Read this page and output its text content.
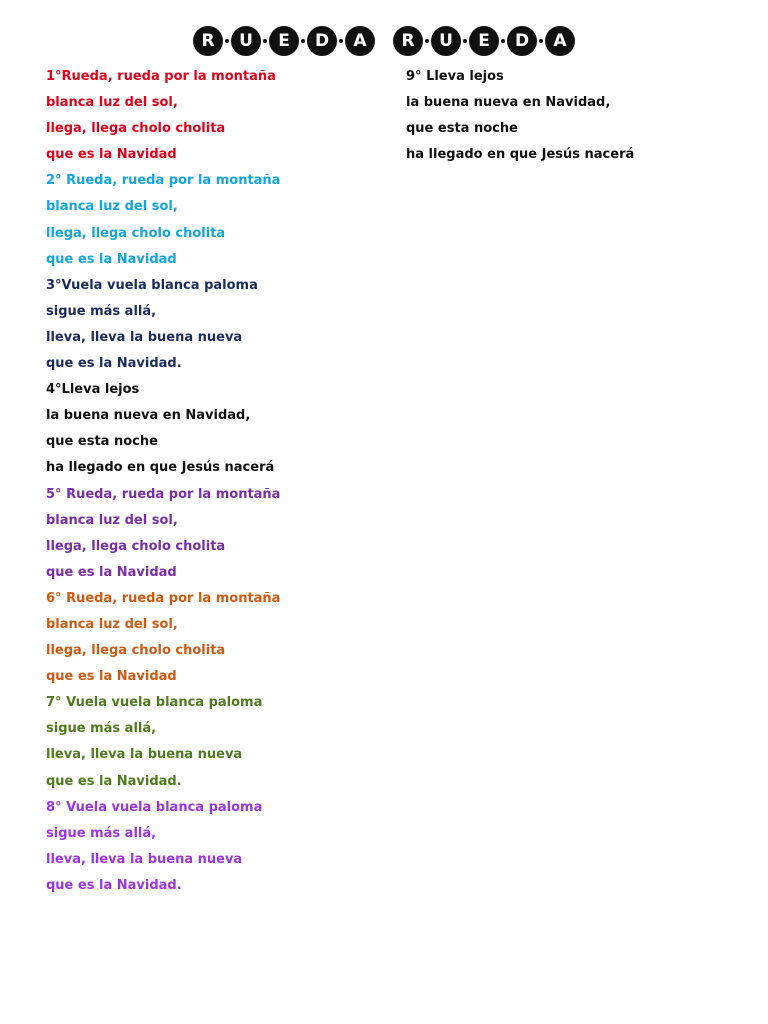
R	U	E	D	A	R	U	E	D	A
1°Rueda, rueda por la montaña
blanca luz del sol,
llega, llega cholo cholita
que es la Navidad
2° Rueda, rueda por la montaña
blanca luz del sol,
llega, llega cholo cholita
que es la Navidad
3°Vuela vuela blanca paloma
sigue más allá,
lleva, lleva la buena nueva
que es la Navidad.
4°Lleva lejos
la buena nueva en Navidad,
que esta noche
ha llegado en que Jesús nacerá
5° Rueda, rueda por la montaña
blanca luz del sol,
llega, llega cholo cholita
que es la Navidad
6° Rueda, rueda por la montaña
blanca luz del sol,
llega, llega cholo cholita
que es la Navidad
7° Vuela vuela blanca paloma
sigue más allá,
lleva, lleva la buena nueva
que es la Navidad.
8° Vuela vuela blanca paloma
sigue más allá,
lleva, lleva la buena nueva
que es la Navidad.
9° Lleva lejos
la buena nueva en Navidad,
que esta noche
ha llegado en que Jesús nacerá
